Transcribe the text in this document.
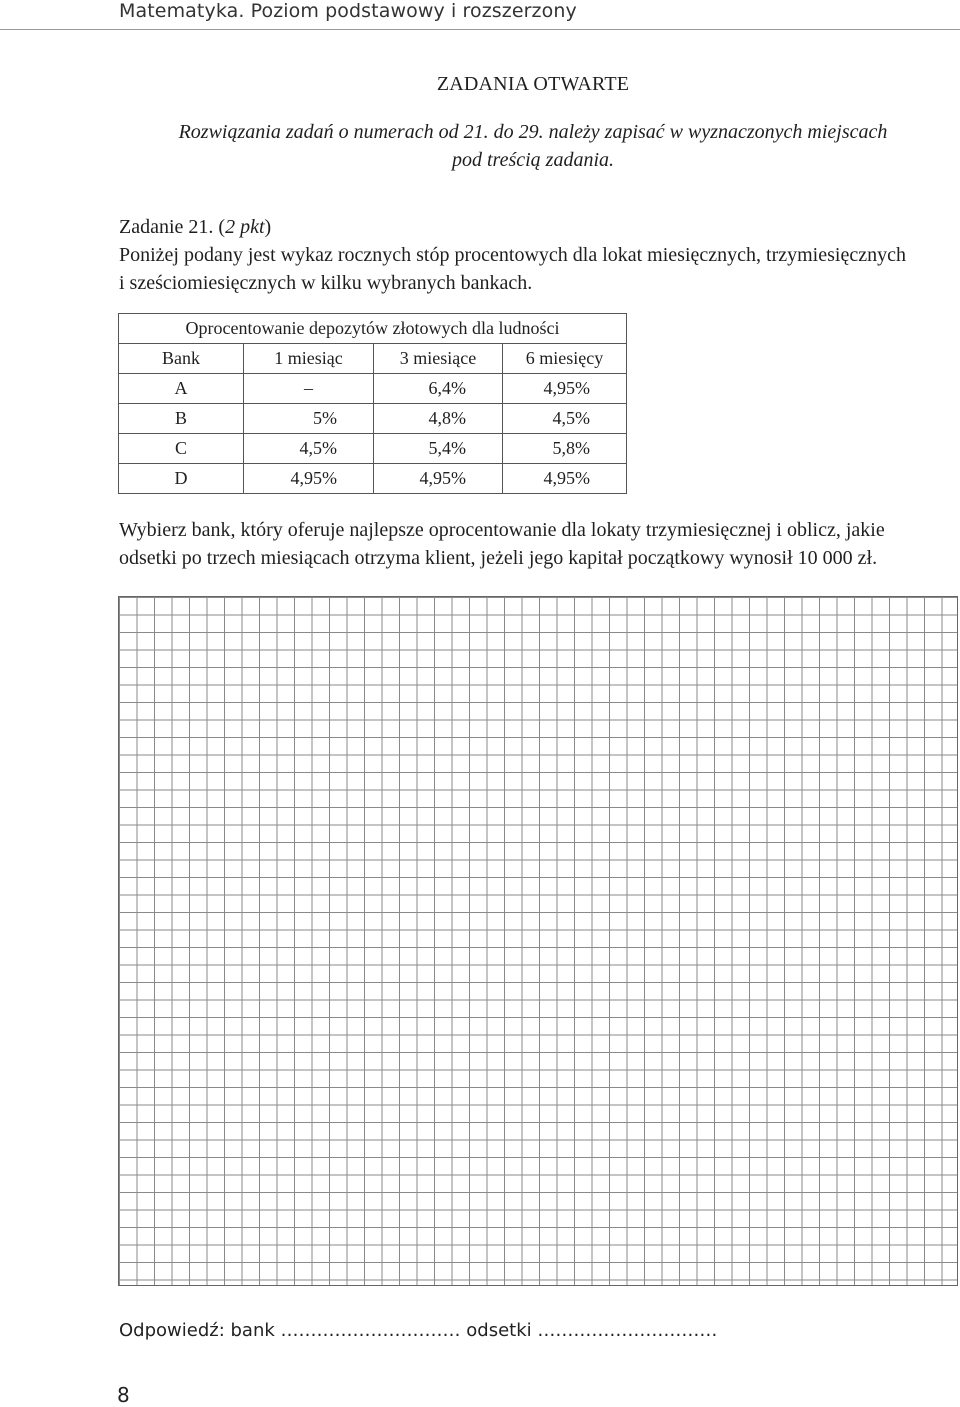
Matematyka. Poziom podstawowy i rozszerzony
ZADANIA OTWARTE
Rozwiązania zadań o numerach od 21. do 29. należy zapisać w wyznaczonych miejscach
pod treścią zadania.
Zadanie 21. (2 pkt)
Poniżej podany jest wykaz rocznych stóp procentowych dla lokat miesięcznych, trzymiesięcznych
i sześciomiesięcznych w kilku wybranych bankach.
Oprocentowanie depozytów złotowych dla ludności			
Bank	1 miesiąc	3 miesiące	6 miesięcy
A	–	6,4%	4,95%
B	5%	4,8%	4,5%
C	4,5%	5,4%	5,8%
D	4,95%	4,95%	4,95%
Wybierz bank, który oferuje najlepsze oprocentowanie dla lokaty trzymiesięcznej i oblicz, jakie
odsetki po trzech miesiącach otrzyma klient, jeżeli jego kapitał początkowy wynosił 10 000 zł.
Odpowiedź: bank ………………………… odsetki …………………………
8
